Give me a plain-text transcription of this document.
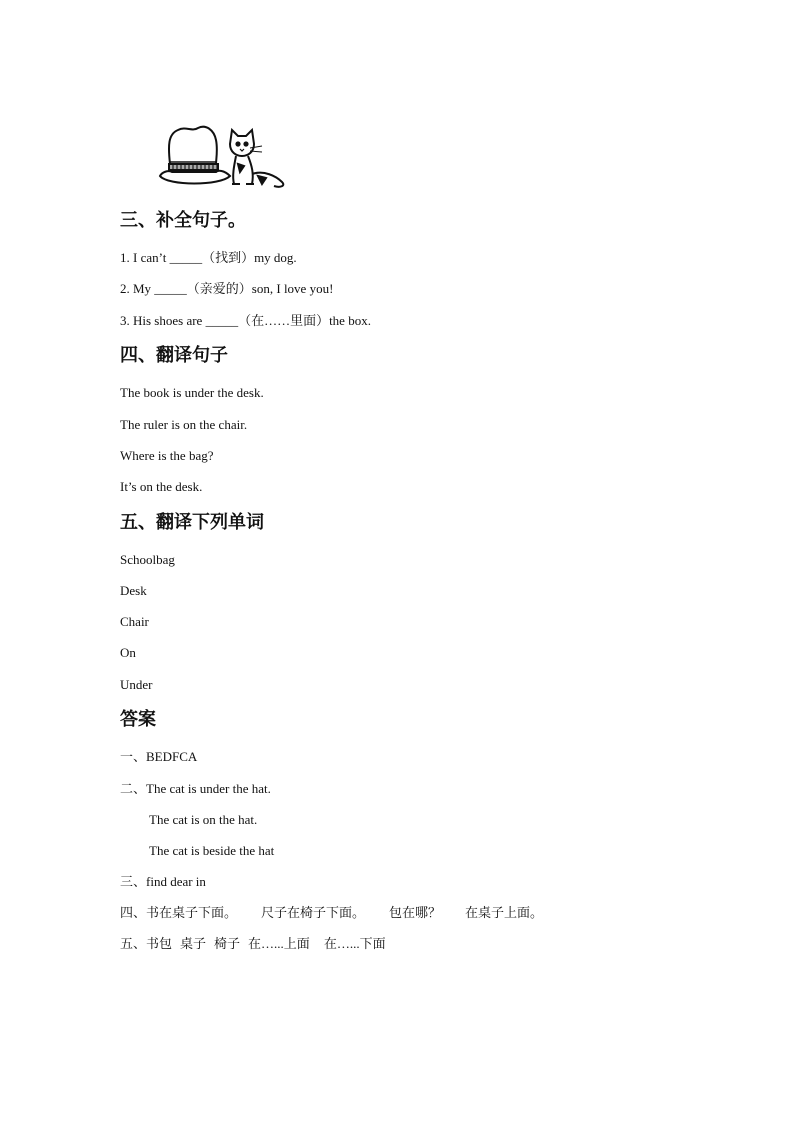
三、补全句子。
1. I can’t _____（找到）my dog.
2. My _____（亲爱的）son, I love you!
3. His shoes are _____（在……里面）the box.
四、翻译句子
The book is under the desk.
The ruler is on the chair.
Where is the bag?
It’s on the desk.
五、翻译下列单词
Schoolbag
Desk
Chair
On
Under
答案
一、BEDFCA
二、The cat is under the hat.
The cat is on the hat.
The cat is beside the hat
三、find dear in
四、书在桌子下面。 尺子在椅子下面。 包在哪？ 在桌子上面。
五、书包 桌子 椅子 在…...上面 在…...下面
